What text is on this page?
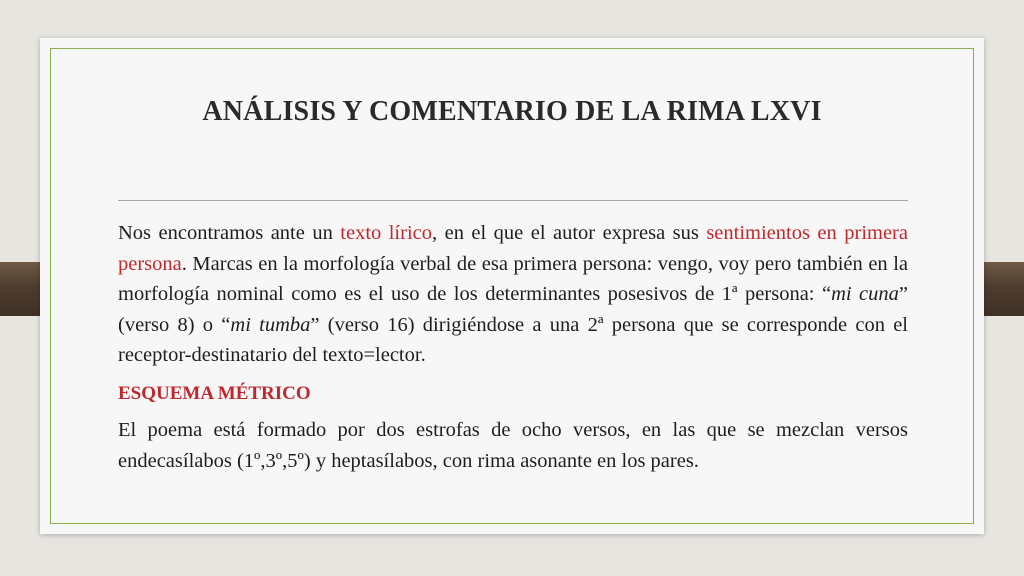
ANÁLISIS Y COMENTARIO DE LA RIMA LXVI

Nos encontramos ante un texto lírico, en el que el autor expresa sus sentimientos en primera persona. Marcas en la morfología verbal de esa primera persona: vengo, voy pero también en la morfología nominal como es el uso de los determinantes posesivos de 1ª persona: “mi cuna” (verso 8) o “mi tumba” (verso 16) dirigiéndose a una 2ª persona que se corresponde con el receptor-destinatario del texto=lector.

ESQUEMA MÉTRICO

El poema está formado por dos estrofas de ocho versos, en las que se mezclan versos endecasílabos (1º,3º,5º) y heptasílabos, con rima asonante en los pares.
